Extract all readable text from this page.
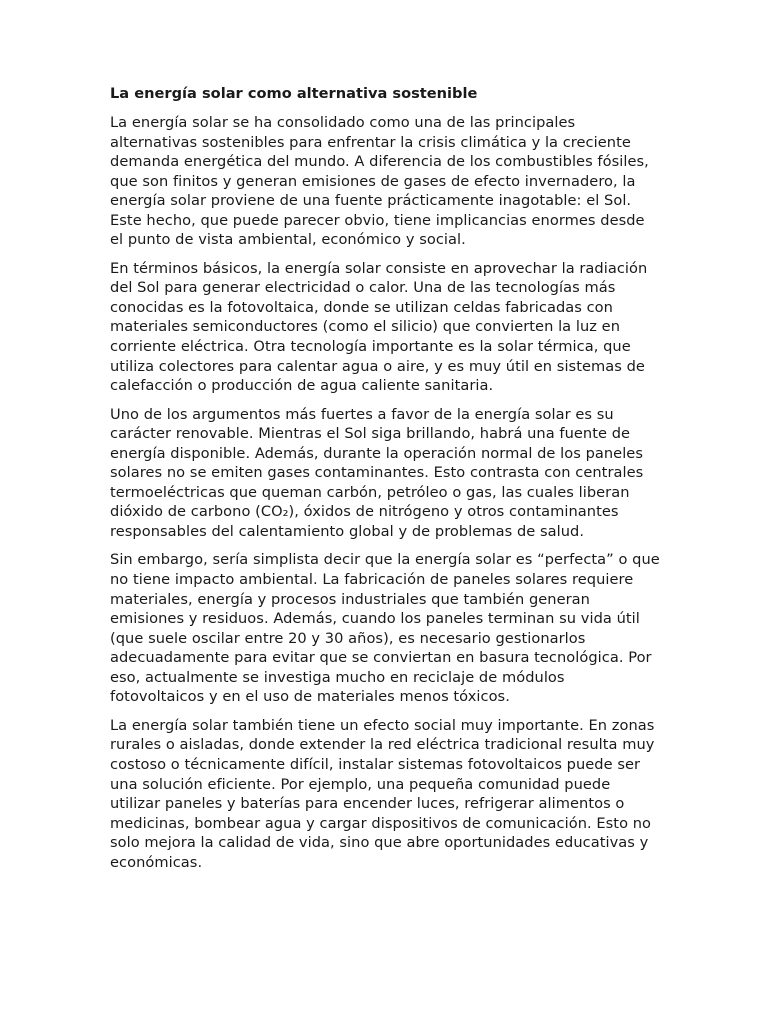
La energía solar como alternativa sostenible

La energía solar se ha consolidado como una de las principales alternativas sostenibles para enfrentar la crisis climática y la creciente demanda energética del mundo. A diferencia de los combustibles fósiles, que son finitos y generan emisiones de gases de efecto invernadero, la energía solar proviene de una fuente prácticamente inagotable: el Sol. Este hecho, que puede parecer obvio, tiene implicancias enormes desde el punto de vista ambiental, económico y social.

En términos básicos, la energía solar consiste en aprovechar la radiación del Sol para generar electricidad o calor. Una de las tecnologías más conocidas es la fotovoltaica, donde se utilizan celdas fabricadas con materiales semiconductores (como el silicio) que convierten la luz en corriente eléctrica. Otra tecnología importante es la solar térmica, que utiliza colectores para calentar agua o aire, y es muy útil en sistemas de calefacción o producción de agua caliente sanitaria.

Uno de los argumentos más fuertes a favor de la energía solar es su carácter renovable. Mientras el Sol siga brillando, habrá una fuente de energía disponible. Además, durante la operación normal de los paneles solares no se emiten gases contaminantes. Esto contrasta con centrales termoeléctricas que queman carbón, petróleo o gas, las cuales liberan dióxido de carbono (CO₂), óxidos de nitrógeno y otros contaminantes responsables del calentamiento global y de problemas de salud.

Sin embargo, sería simplista decir que la energía solar es “perfecta” o que no tiene impacto ambiental. La fabricación de paneles solares requiere materiales, energía y procesos industriales que también generan emisiones y residuos. Además, cuando los paneles terminan su vida útil (que suele oscilar entre 20 y 30 años), es necesario gestionarlos adecuadamente para evitar que se conviertan en basura tecnológica. Por eso, actualmente se investiga mucho en reciclaje de módulos fotovoltaicos y en el uso de materiales menos tóxicos.

La energía solar también tiene un efecto social muy importante. En zonas rurales o aisladas, donde extender la red eléctrica tradicional resulta muy costoso o técnicamente difícil, instalar sistemas fotovoltaicos puede ser una solución eficiente. Por ejemplo, una pequeña comunidad puede utilizar paneles y baterías para encender luces, refrigerar alimentos o medicinas, bombear agua y cargar dispositivos de comunicación. Esto no solo mejora la calidad de vida, sino que abre oportunidades educativas y económicas.
